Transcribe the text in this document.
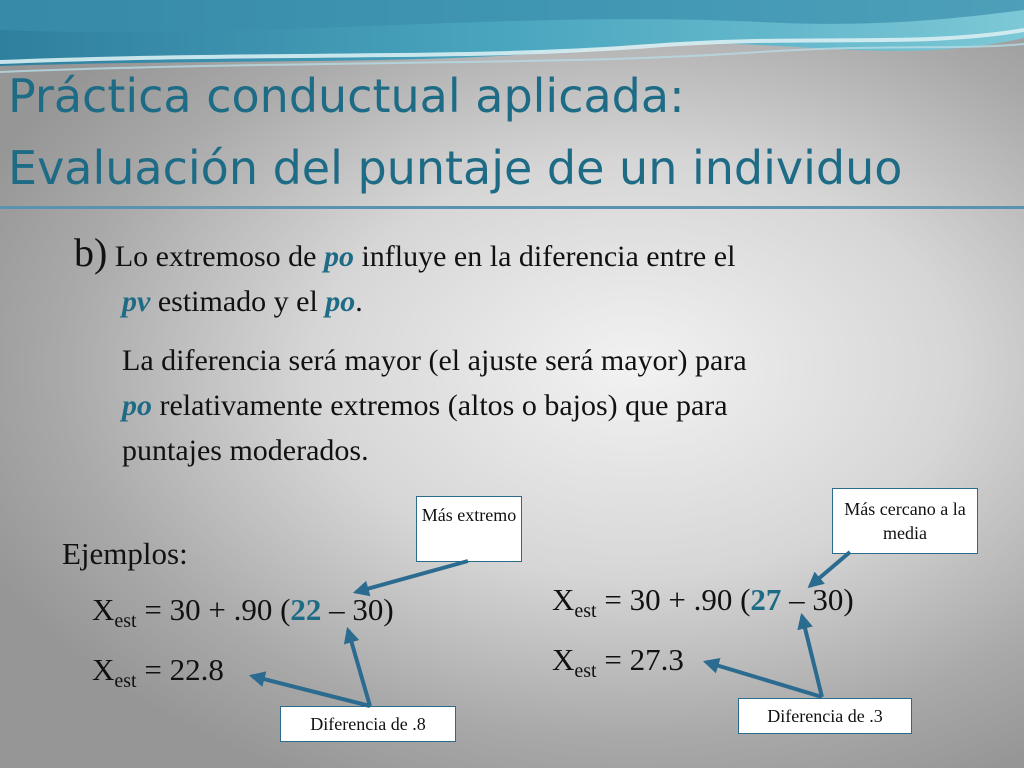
Práctica conductual aplicada:
Evaluación del puntaje de un individuo

b) Lo extremoso de po influye en la diferencia entre el
pv estimado y el po.

La diferencia será mayor (el ajuste será mayor) para
po relativamente extremos (altos o bajos) que para
puntajes moderados.

Ejemplos:
$X_{est} = 30 + .90$ (22 – 30)
$X_{est} = 22.8$
$X_{est} = 30 + .90$ (27 – 30)
$X_{est} = 27.3$
Más extremo
Diferencia de .8
Más cercano a la media
Diferencia de .3
